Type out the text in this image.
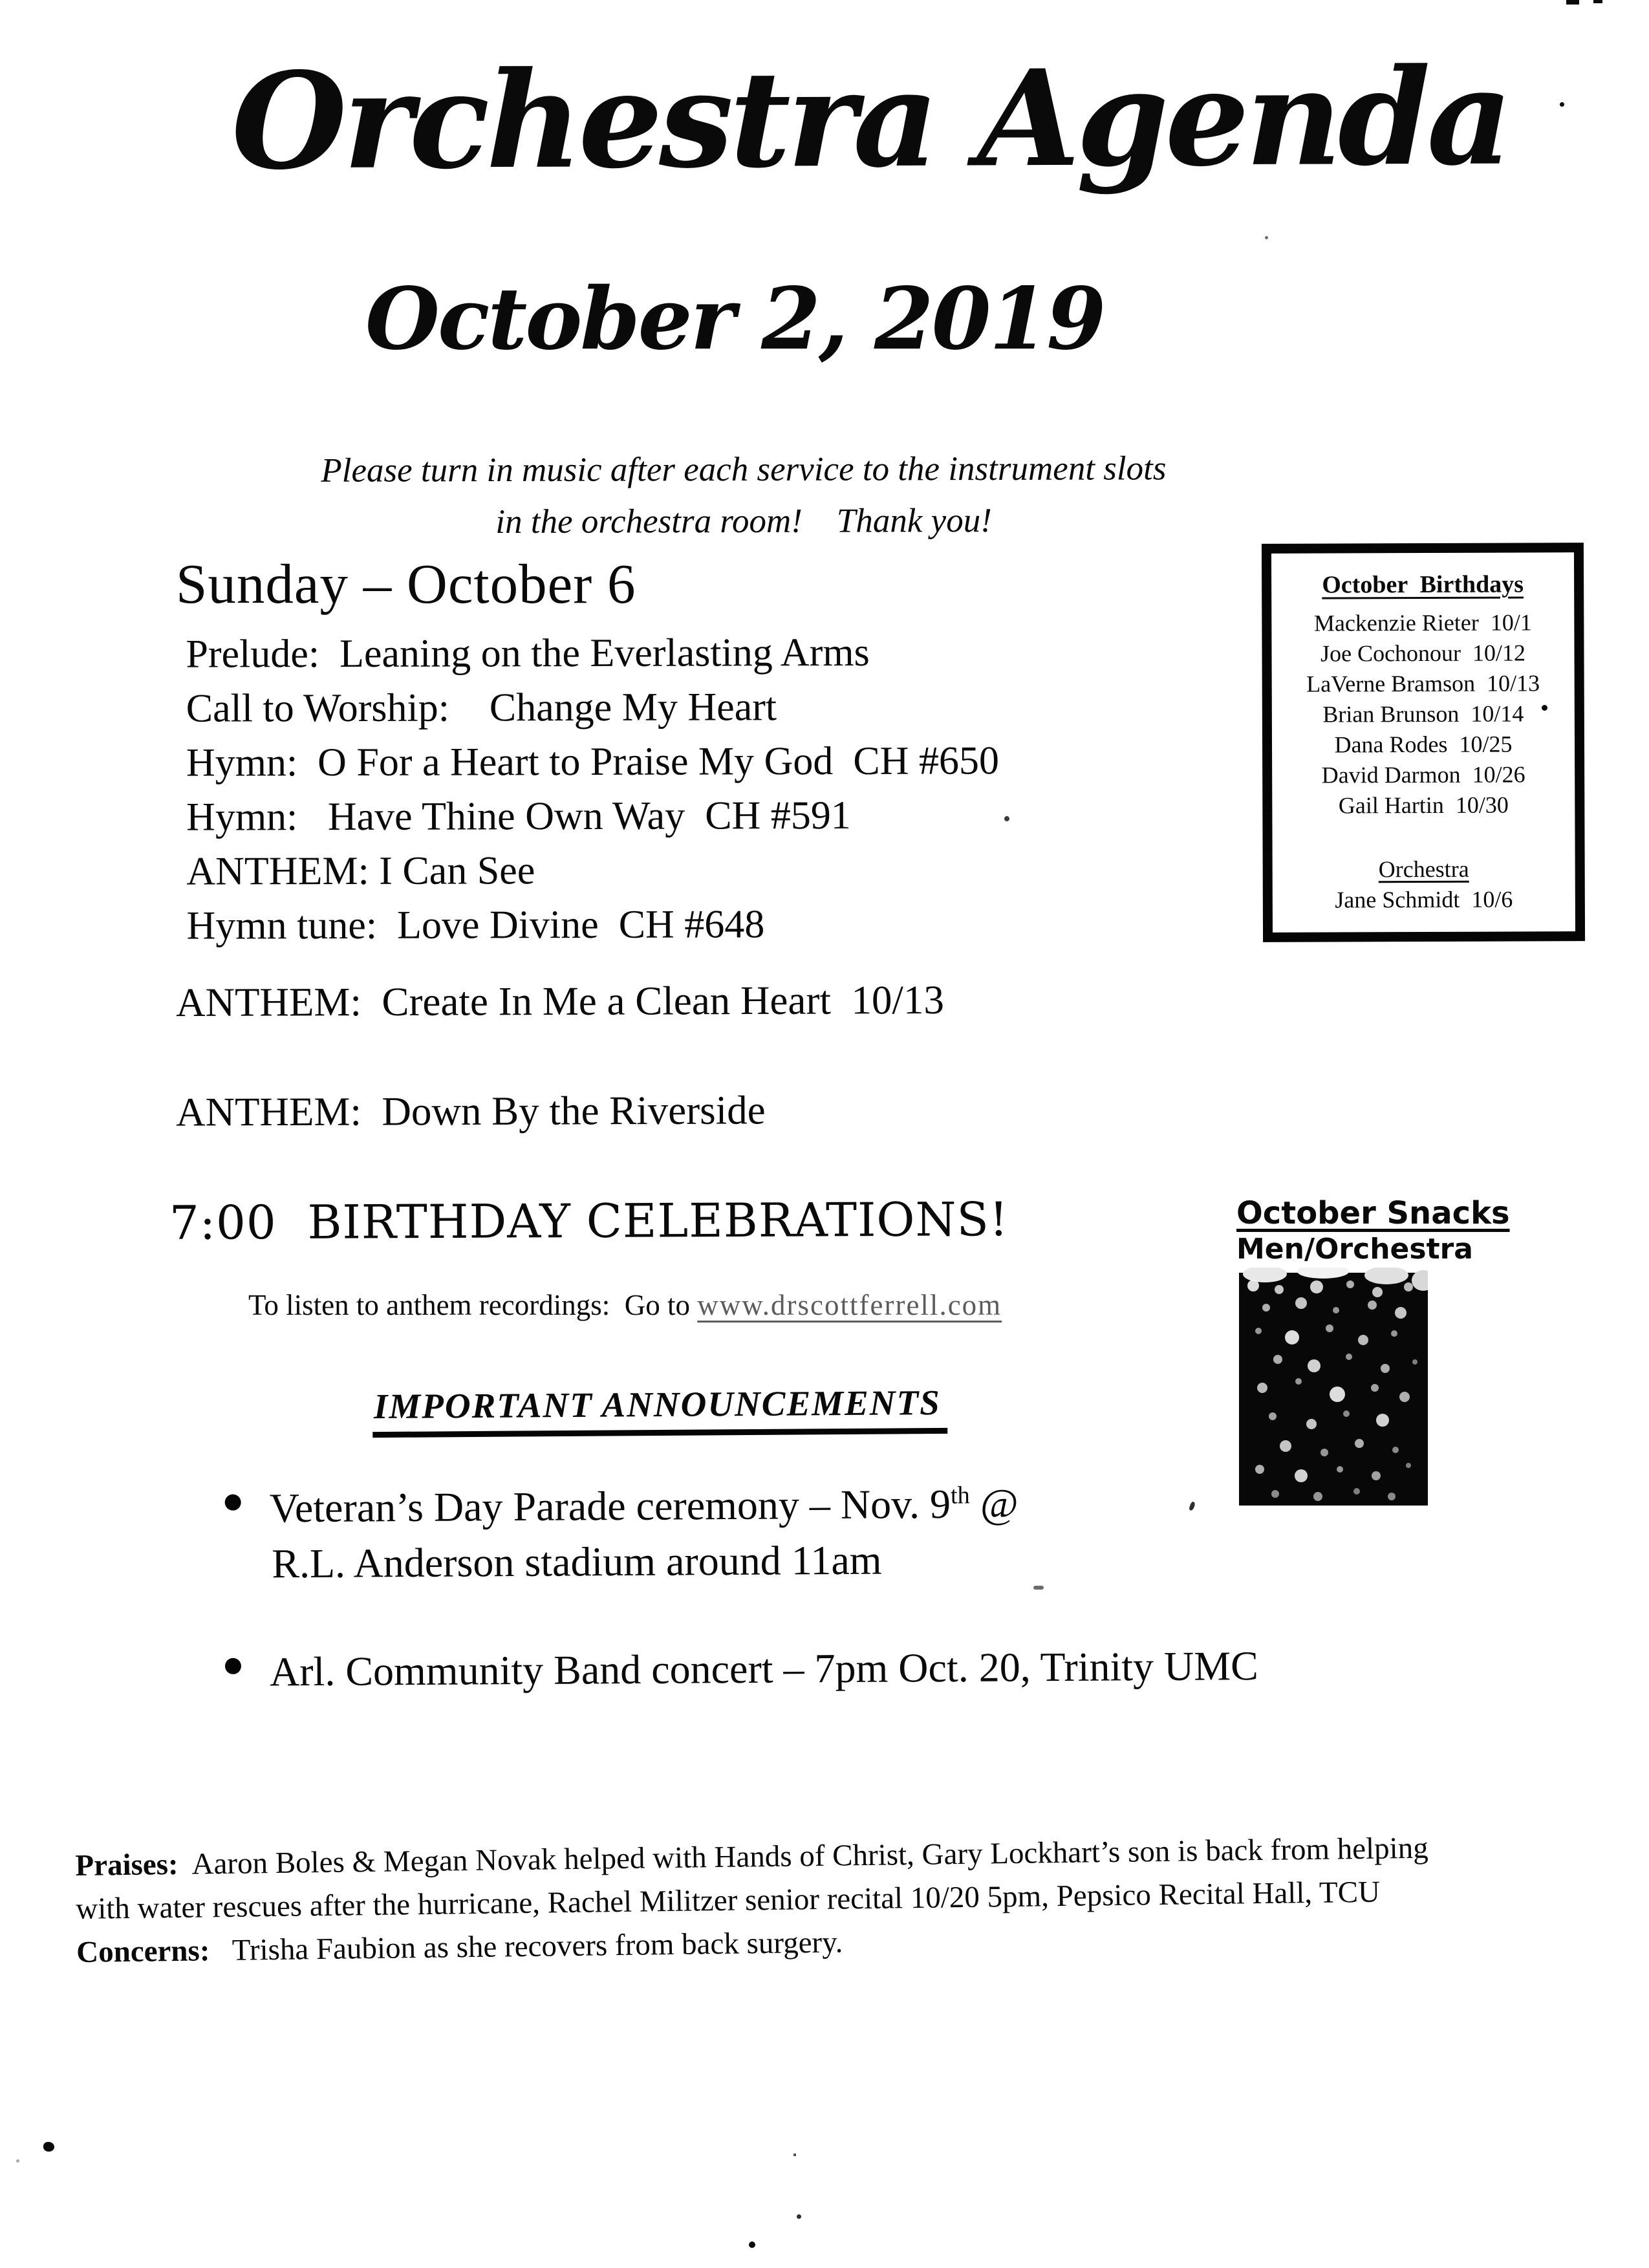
Orchestra Agenda
October 2, 2019
Please turn in music after each service to the instrument slots
in the orchestra room!    Thank you!
Sunday – October 6
Prelude:  Leaning on the Everlasting Arms
Call to Worship:    Change My Heart
Hymn:  O For a Heart to Praise My God  CH #650
Hymn:   Have Thine Own Way  CH #591
ANTHEM: I Can See
Hymn tune:  Love Divine  CH #648
October  Birthdays
Mackenzie Rieter  10/1
Joe Cochonour  10/12
LaVerne Bramson  10/13
Brian Brunson  10/14
Dana Rodes  10/25
David Darmon  10/26
Gail Hartin  10/30
Orchestra
Jane Schmidt  10/6
ANTHEM:  Create In Me a Clean Heart  10/13
ANTHEM:  Down By the Riverside
7:00  BIRTHDAY CELEBRATIONS!
To listen to anthem recordings:  Go to www.drscottferrell.com
October Snacks
Men/Orchestra
IMPORTANT ANNOUNCEMENTS
Veteran’s Day Parade ceremony – Nov. 9th @
R.L. Anderson stadium around 11am
Arl. Community Band concert – 7pm Oct. 20, Trinity UMC
Praises:  Aaron Boles & Megan Novak helped with Hands of Christ, Gary Lockhart’s son is back from helping
with water rescues after the hurricane, Rachel Militzer senior recital 10/20 5pm, Pepsico Recital Hall, TCU
Concerns:   Trisha Faubion as she recovers from back surgery.
